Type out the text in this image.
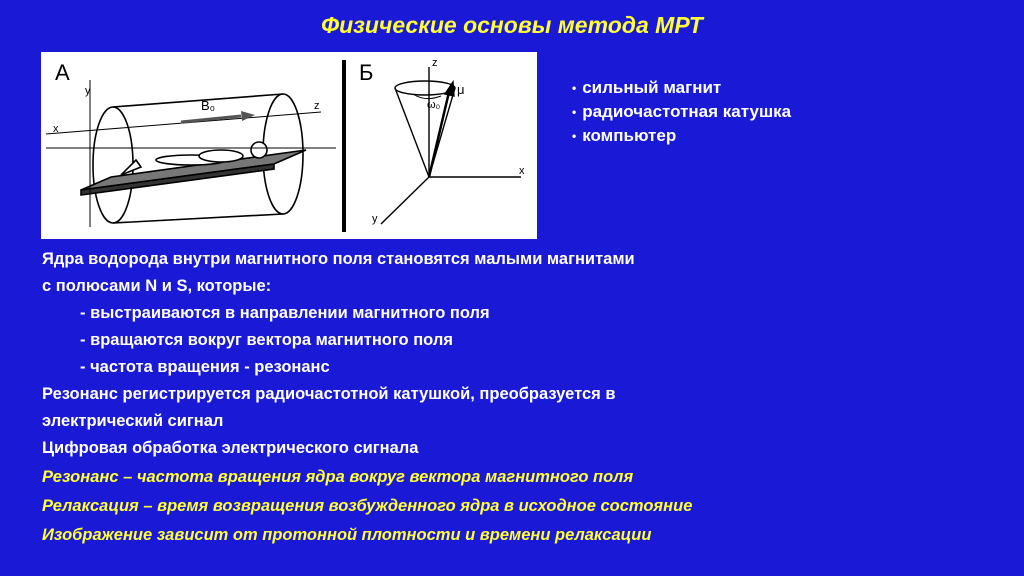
Физические основы метода МРТ
А
y
x
z
B₀
Б	z
x
y
ω₀
μ
•	сильный магнит
• радиочастотная катушка
• компьютер
Ядра водорода внутри магнитного поля становятся малыми магнитами
с полюсами N и S, которые:
- выстраиваются в направлении магнитного поля
- вращаются вокруг вектора магнитного поля
- частота вращения - резонанс
Резонанс регистрируется радиочастотной катушкой, преобразуется в
электрический сигнал
Цифровая обработка электрического сигнала
Резонанс – частота вращения ядра вокруг вектора магнитного поля
Релаксация – время возвращения возбужденного ядра в исходное состояние
Изображение зависит от протонной плотности и времени релаксации
